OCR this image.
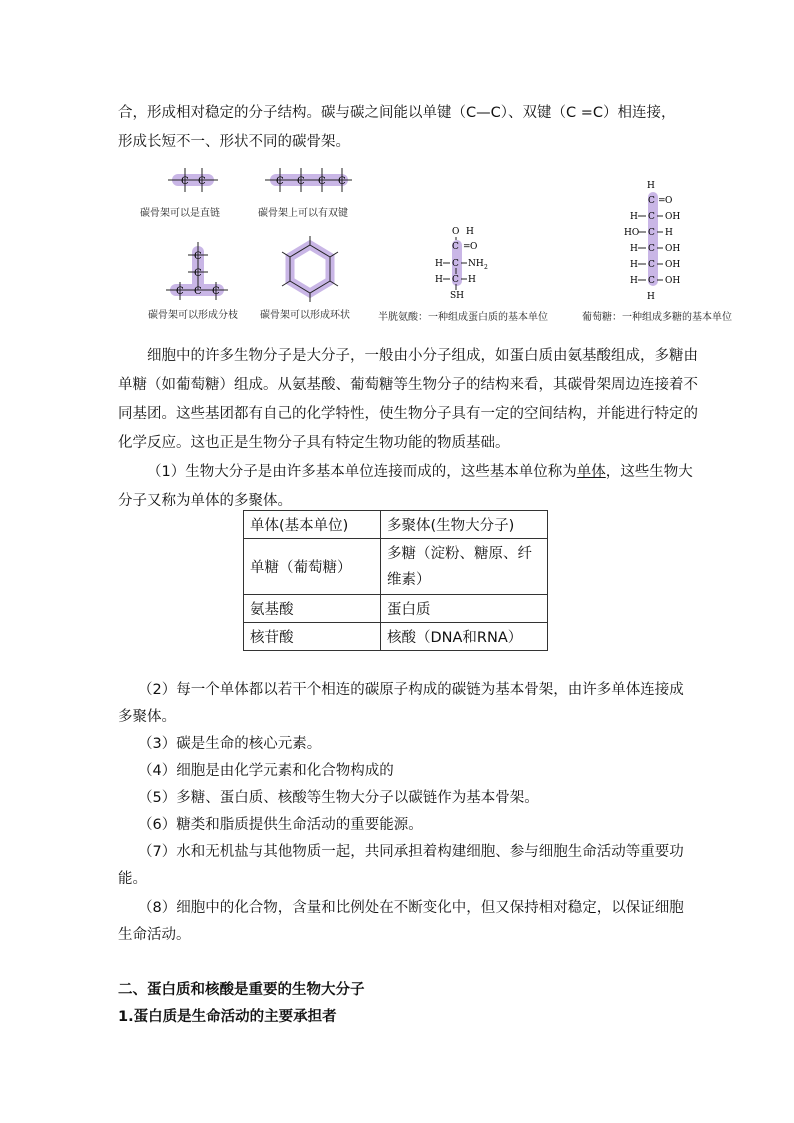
合，形成相对稳定的分子结构。碳与碳之间能以单键（C—C）、双键（C =C）相连接，

形成长短不一、形状不同的碳骨架。

C C	C C C C
C
C
C C C
O H
C = O
H C NH 2
H C H
SH
H
C = O
H C OH
HO C H
H C OH
H C OH
H C OH
H
碳骨架可以是直链	碳骨架上可以有双键
碳骨架可以形成分枝 碳骨架可以形成环状	半胱氨酸：一种组成蛋白质的基本单位	葡萄糖：一种组成多糖的基本单位

细胞中的许多生物分子是大分子，一般由小分子组成，如蛋白质由氨基酸组成，多糖由单糖（如葡萄糖）组成。从氨基酸、葡萄糖等生物分子的结构来看，其碳骨架周边连接着不同基团。这些基团都有自己的化学特性，使生物分子具有一定的空间结构，并能进行特定的化学反应。这也正是生物分子具有特定生物功能的物质基础。

（1）生物大分子是由许多基本单位连接而成的，这些基本单位称为单体，这些生物大分子又称为单体的多聚体。

单体(基本单位)	多聚体(生物大分子)
单糖（葡萄糖）	多糖（淀粉、糖原、纤维素）
氨基酸	蛋白质
核苷酸	核酸（DNA和RNA）

（2）每一个单体都以若干个相连的碳原子构成的碳链为基本骨架，由许多单体连接成多聚体。

（3）碳是生命的核心元素。

（4）细胞是由化学元素和化合物构成的

（5）多糖、蛋白质、核酸等生物大分子以碳链作为基本骨架。

（6）糖类和脂质提供生命活动的重要能源。

（7）水和无机盐与其他物质一起，共同承担着构建细胞、参与细胞生命活动等重要功能。

（8）细胞中的化合物，含量和比例处在不断变化中，但又保持相对稳定，以保证细胞生命活动。

二、蛋白质和核酸是重要的生物大分子

1.蛋白质是生命活动的主要承担者
